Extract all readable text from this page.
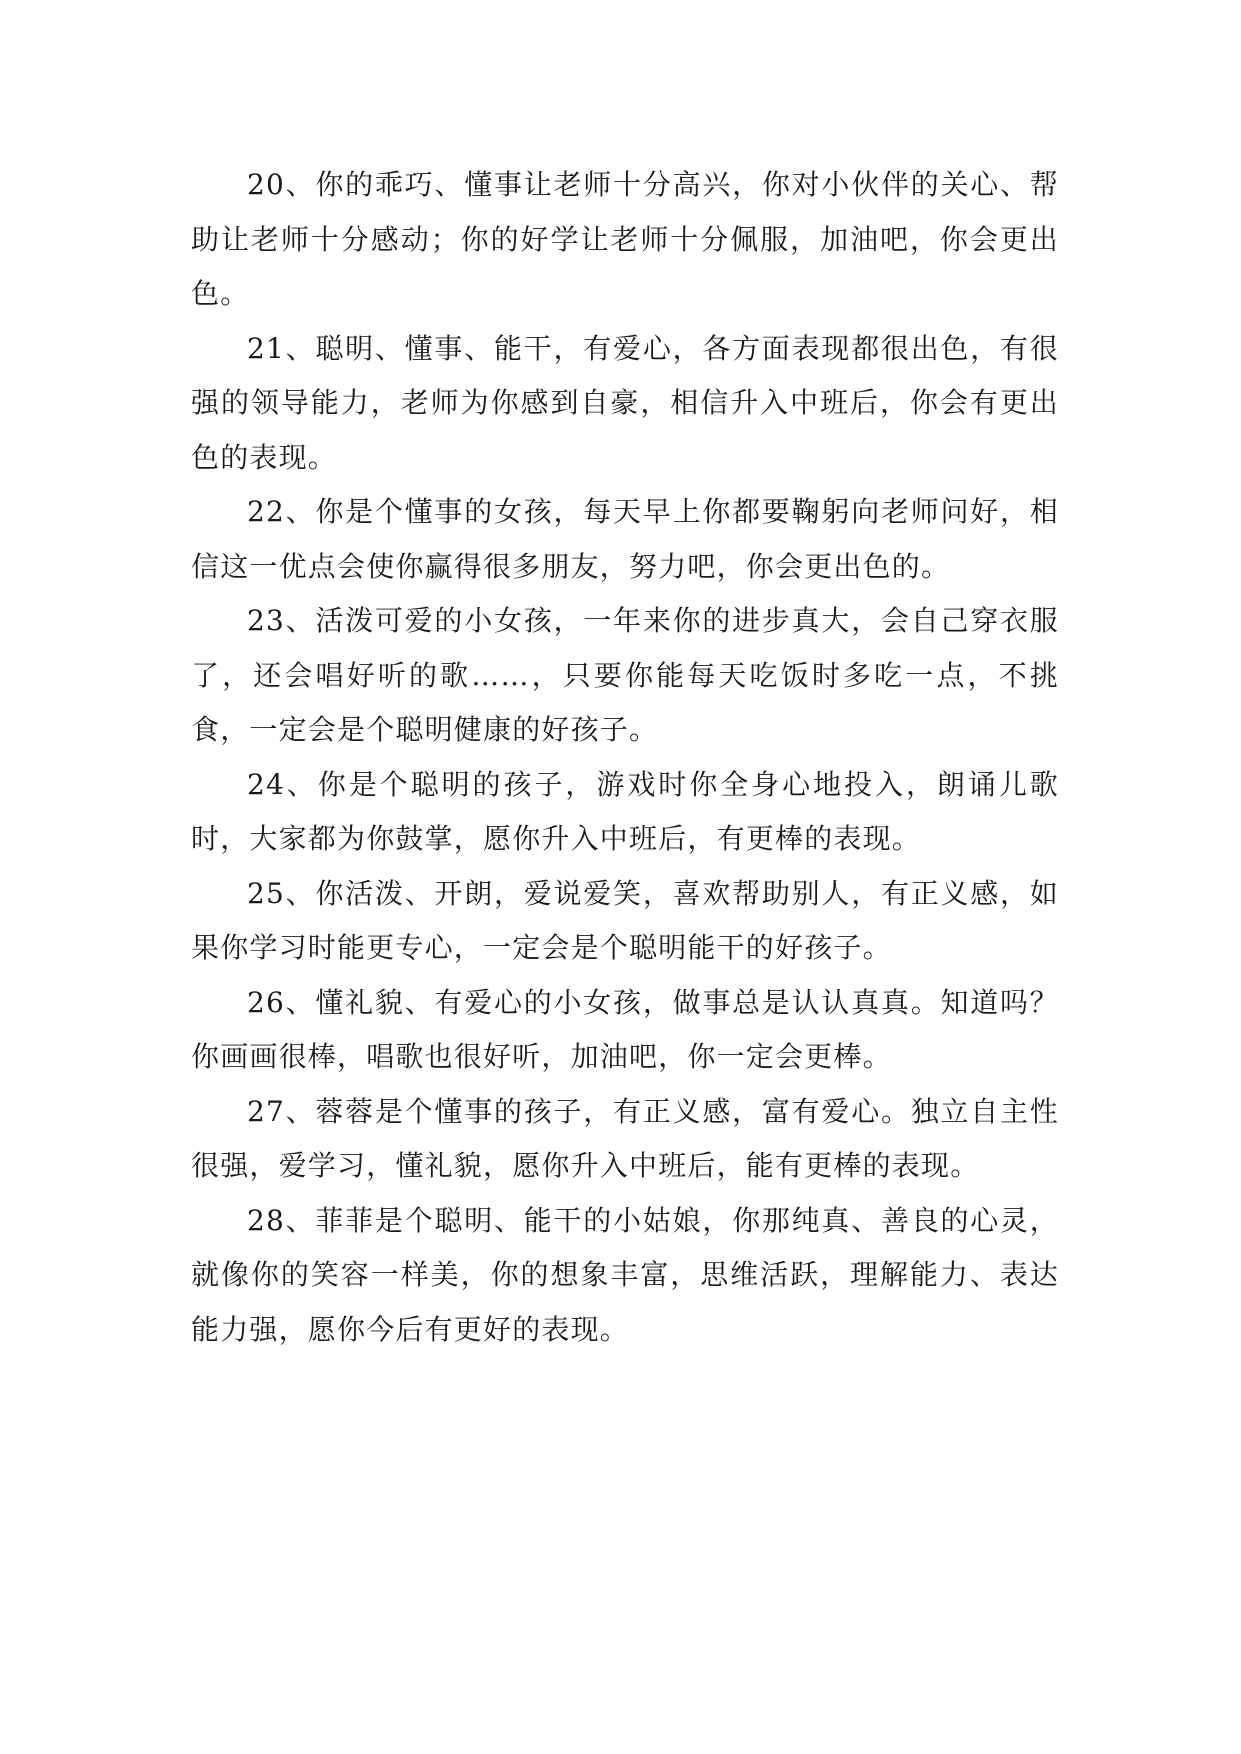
20、你的乖巧、懂事让老师十分高兴，你对小伙伴的关心、帮助让老师十分感动；你的好学让老师十分佩服，加油吧，你会更出色。

21、聪明、懂事、能干，有爱心，各方面表现都很出色，有很强的领导能力，老师为你感到自豪，相信升入中班后，你会有更出色的表现。

22、你是个懂事的女孩，每天早上你都要鞠躬向老师问好，相信这一优点会使你赢得很多朋友，努力吧，你会更出色的。

23、活泼可爱的小女孩，一年来你的进步真大，会自己穿衣服了，还会唱好听的歌……，只要你能每天吃饭时多吃一点，不挑食，一定会是个聪明健康的好孩子。

24、你是个聪明的孩子，游戏时你全身心地投入，朗诵儿歌时，大家都为你鼓掌，愿你升入中班后，有更棒的表现。

25、你活泼、开朗，爱说爱笑，喜欢帮助别人，有正义感，如果你学习时能更专心，一定会是个聪明能干的好孩子。

26、懂礼貌、有爱心的小女孩，做事总是认认真真。知道吗？你画画很棒，唱歌也很好听，加油吧，你一定会更棒。

27、蓉蓉是个懂事的孩子，有正义感，富有爱心。独立自主性很强，爱学习，懂礼貌，愿你升入中班后，能有更棒的表现。

28、菲菲是个聪明、能干的小姑娘，你那纯真、善良的心灵，就像你的笑容一样美，你的想象丰富，思维活跃，理解能力、表达能力强，愿你今后有更好的表现。
